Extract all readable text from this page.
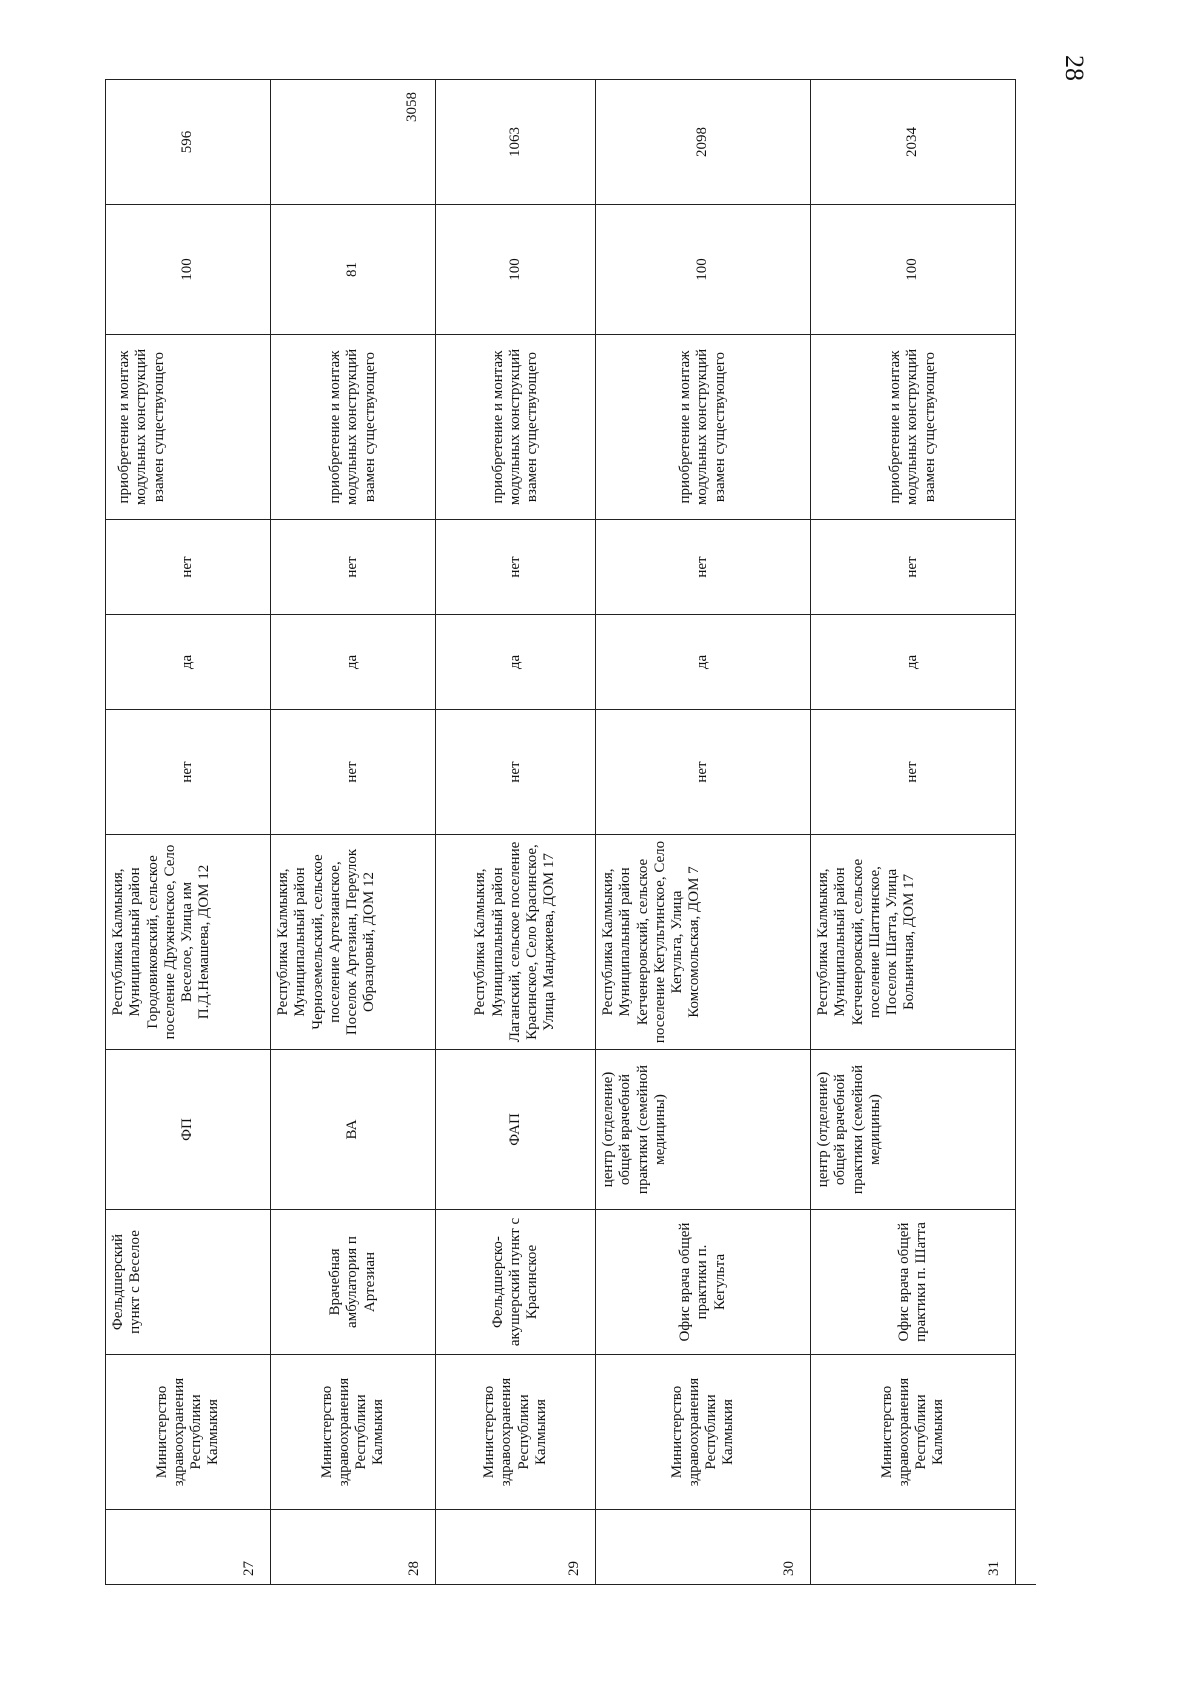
28
27
Министерство здравоохранения Республики Калмыкия
Фельдшерский пункт с Веселое
ФП
Республика Калмыкия, Муниципальный район Городовиковский, сельское поселение Дружненское, Село Веселое, Улица им П.Д.Немашева, ДОМ 12
нет
да
нет
приобретение и монтаж модульных конструкций взамен существующего
100
596
28
Министерство здравоохранения Республики Калмыкия
Врачебная амбулатория п Артезиан
ВА
Республика Калмыкия, Муниципальный район Черноземельский, сельское поселение Артезианское, Поселок Артезиан, Переулок Образцовый, ДОМ 12
нет
да
нет
приобретение и монтаж модульных конструкций взамен существующего
81
3058
29
Министерство здравоохранения Республики Калмыкия
Фельдшерско-акушерский пункт с Красинское
ФАП
Республика Калмыкия, Муниципальный район Лаганский, сельское поселение Красинское, Село Красинское, Улица Манджиева, ДОМ 17
нет
да
нет
приобретение и монтаж модульных конструкций взамен существующего
100
1063
30
Министерство здравоохранения Республики Калмыкия
Офис врача общей практики п. Кегульта
центр (отделение) общей врачебной практики (семейной медицины)
Республика Калмыкия, Муниципальный район Кетченеровский, сельское поселение Кегультинское, Село Кегульта, Улица Комсомольская, ДОМ 7
нет
да
нет
приобретение и монтаж модульных конструкций взамен существующего
100
2098
31
Министерство здравоохранения Республики Калмыкия
Офис врача общей практики п. Шатта
центр (отделение) общей врачебной практики (семейной медицины)
Республика Калмыкия, Муниципальный район Кетченеровский, сельское поселение Шаттинское, Поселок Шатта, Улица Больничная, ДОМ 17
нет
да
нет
приобретение и монтаж модульных конструкций взамен существующего
100
2034
